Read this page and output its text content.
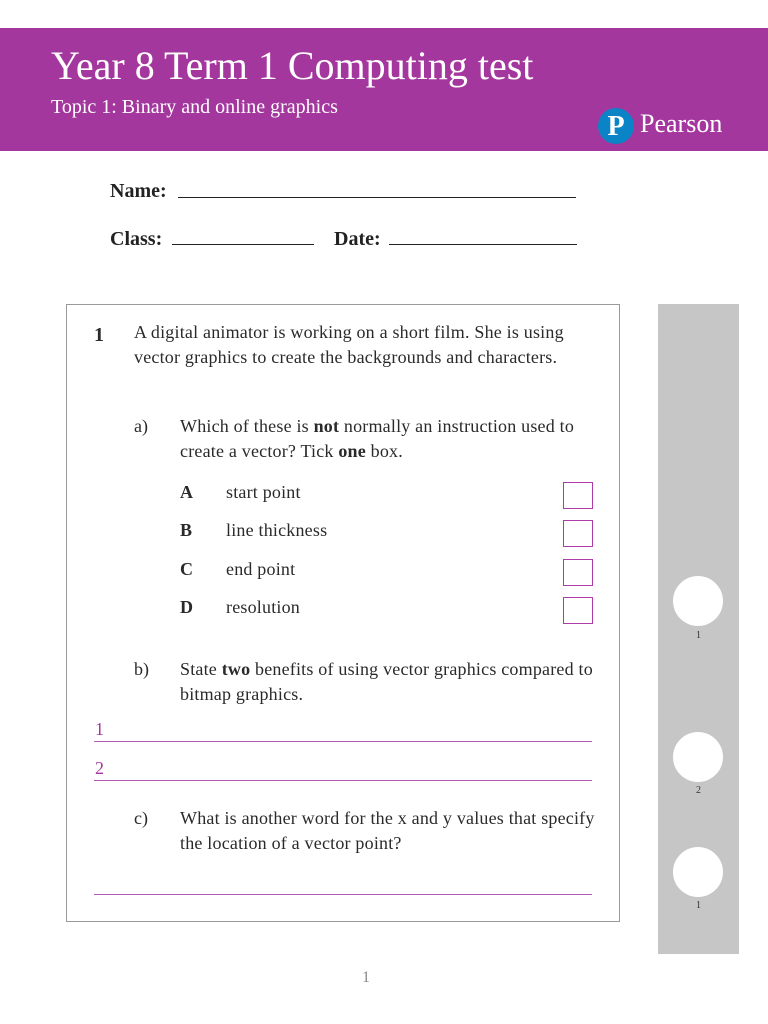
Year 8 Term 1 Computing test
Topic 1: Binary and online graphics
P Pearson
Name:
Class:	Date:
1 A digital animator is working on a short film. She is using vector graphics to create the backgrounds and characters.

a) Which of these is not normally an instruction used to create a vector? Tick one box.

A start point
B line thickness
C end point
D resolution
b) State two benefits of using vector graphics compared to bitmap graphics.

1
2
c) What is another word for the x and y values that specify the location of a vector point?

1
2
1
1
